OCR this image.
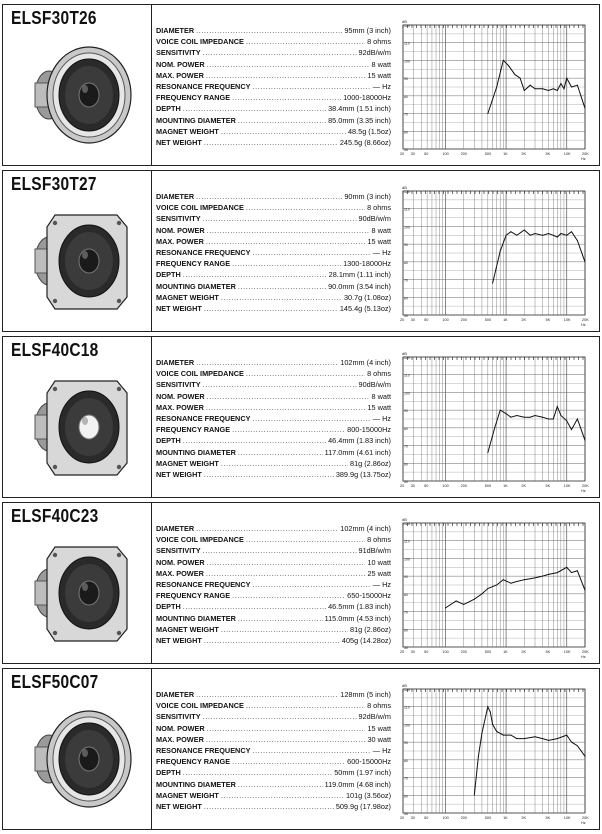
ELSF30T26
DIAMETER .....	95mm (3 inch)
VOICE COIL IMPEDANCE .....	8 ohms
SENSITIVITY .....	92dB/w/m
NOM. POWER .....	8 watt
MAX. POWER .....	15 watt
RESONANCE FREQUENCY .....	— Hz
FREQUENCY RANGE .....	1000-18000Hz
DEPTH .....	38.4mm (1.51 inch)
MOUNTING DIAMETER .....	85.0mm (3.35 inch)
MAGNET WEIGHT .....	48.5g (1.5oz)
NET WEIGHT .....	245.5g (8.66oz)
120
110
100
90
80
70
60
50
dB
20 30 50	100	200	500	1K	2K	5K	10K	20K
Hz
ELSF30T27
DIAMETER .....	90mm (3 inch)
VOICE COIL IMPEDANCE .....	8 ohms
SENSITIVITY .....	90dB/w/m
NOM. POWER .....	8 watt
MAX. POWER .....	15 watt
RESONANCE FREQUENCY .....	— Hz
FREQUENCY RANGE .....	1300-18000Hz
DEPTH .....	28.1mm (1.11 inch)
MOUNTING DIAMETER .....	90.0mm (3.54 inch)
MAGNET WEIGHT .....	30.7g (1.08oz)
NET WEIGHT .....	145.4g (5.13oz)
120
110
100
90
80
70
60
50
dB
20 30 50	100	200	500	1K	2K	5K	10K	20K
Hz
ELSF40C18
DIAMETER .....	102mm (4 inch)
VOICE COIL IMPEDANCE .....	8 ohms
SENSITIVITY .....	90dB/w/m
NOM. POWER .....	8 watt
MAX. POWER .....	15 watt
RESONANCE FREQUENCY .....	— Hz
FREQUENCY RANGE .....	800-15000Hz
DEPTH .....	46.4mm (1.83 inch)
MOUNTING DIAMETER .....	117.0mm (4.61 inch)
MAGNET WEIGHT .....	81g (2.86oz)
NET WEIGHT .....	389.9g (13.75oz)
120
110
100
90
80
70
60
50
dB
20 30 50	100	200	500	1K	2K	5K	10K	20K
Hz
ELSF40C23
DIAMETER .....	102mm (4 inch)
VOICE COIL IMPEDANCE .....	8 ohms
SENSITIVITY .....	91dB/w/m
NOM. POWER .....	10 watt
MAX. POWER .....	25 watt
RESONANCE FREQUENCY .....	— Hz
FREQUENCY RANGE .....	650-15000Hz
DEPTH .....	46.5mm (1.83 inch)
MOUNTING DIAMETER .....	115.0mm (4.53 inch)
MAGNET WEIGHT .....	81g (2.86oz)
NET WEIGHT .....	405g (14.28oz)
120
110
100
90
80
70
60
50
dB
20 30 50	100	200	500	1K	2K	5K	10K	20K
Hz
ELSF50C07
DIAMETER .....	128mm (5 inch)
VOICE COIL IMPEDANCE .....	8 ohms
SENSITIVITY .....	92dB/w/m
NOM. POWER .....	15 watt
MAX. POWER .....	30 watt
RESONANCE FREQUENCY .....	— Hz
FREQUENCY RANGE .....	600-15000Hz
DEPTH .....	50mm (1.97 inch)
MOUNTING DIAMETER .....	119.0mm (4.68 inch)
MAGNET WEIGHT .....	101g (3.56oz)
NET WEIGHT .....	509.9g (17.98oz)
120
110
100
90
80
70
60
50
dB
20 30 50	100	200	500	1K	2K	5K	10K	20K
Hz
